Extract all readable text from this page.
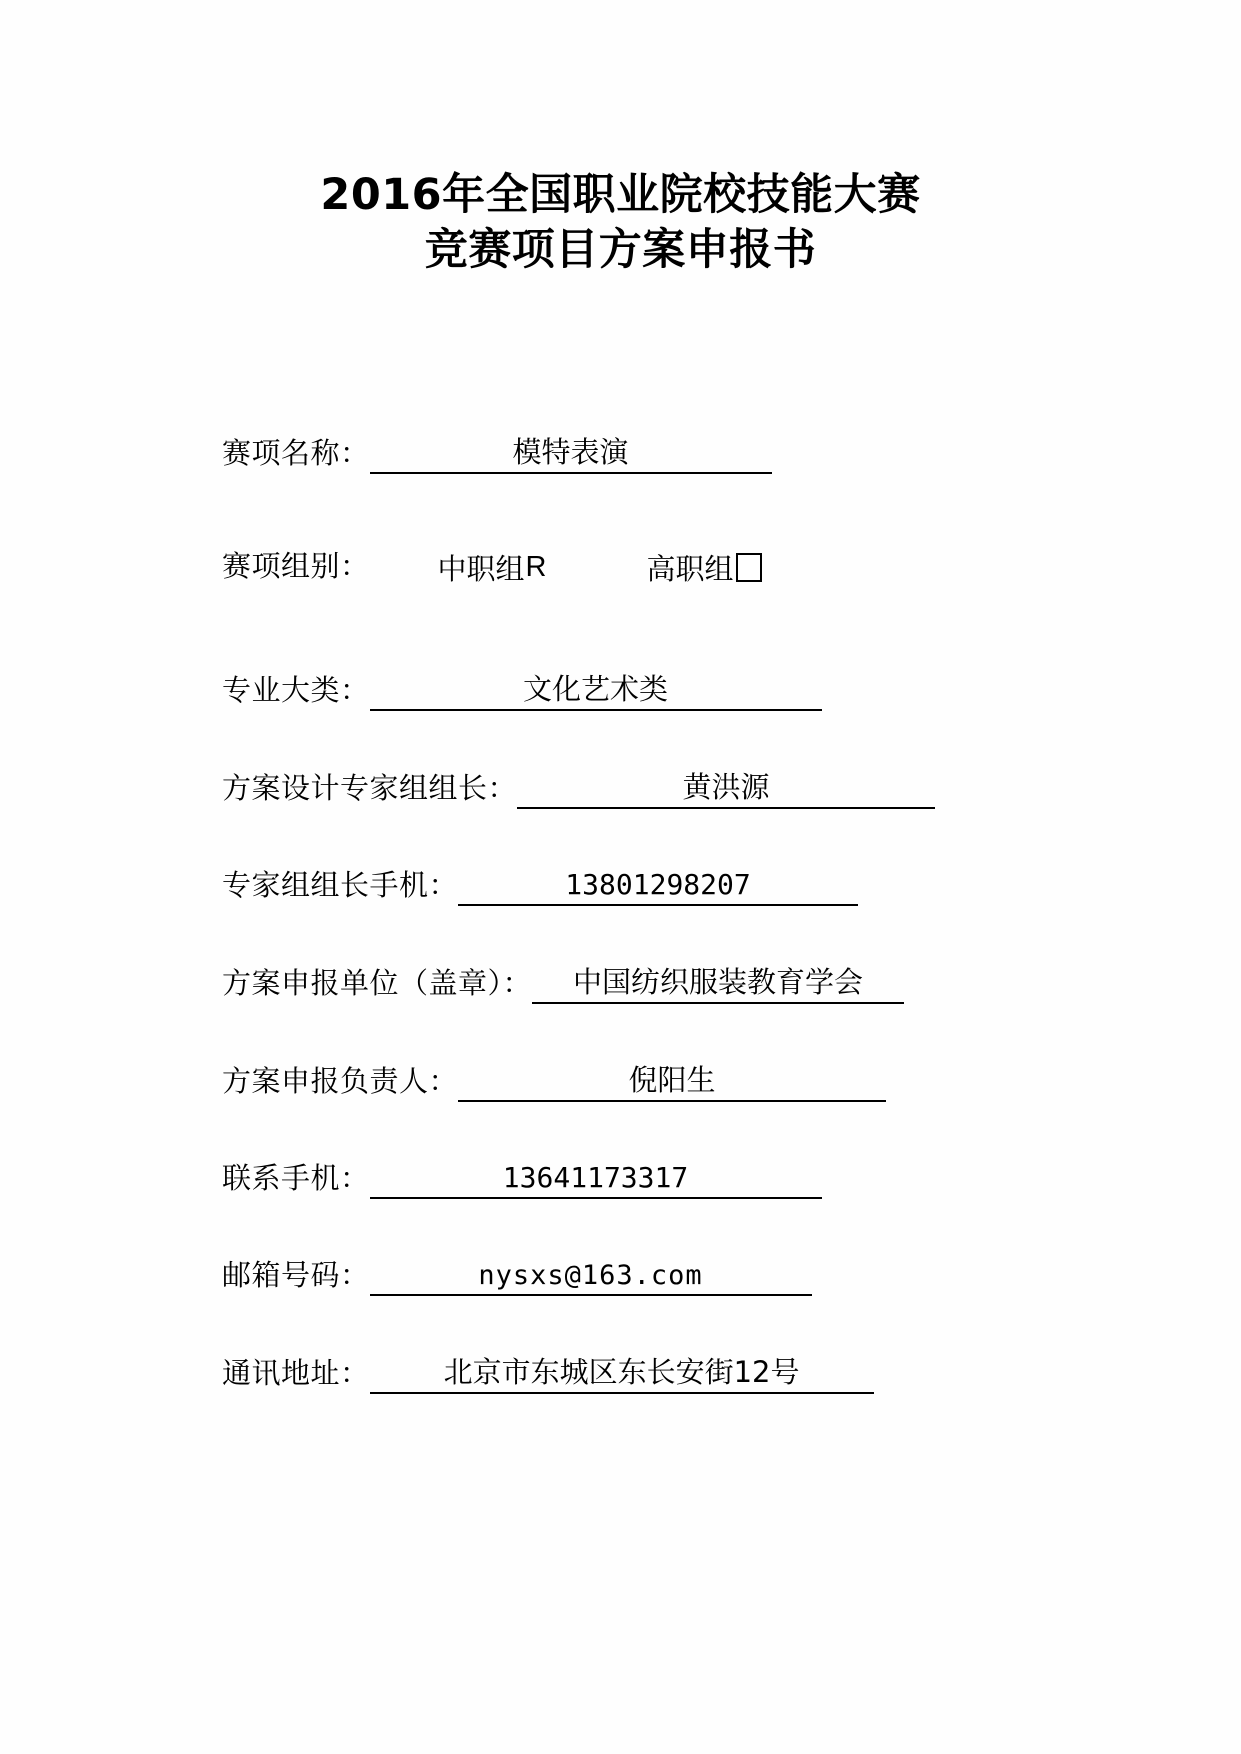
2016年全国职业院校技能大赛
竞赛项目方案申报书
赛项名称：	模特表演
赛项组别： 中职组 R	高职组
专业大类：	文化艺术类
方案设计专家组组长：	黄洪源
专家组组长手机：	13801298207
方案申报单位（盖章）：	中国纺织服装教育学会
方案申报负责人：	倪阳生
联系手机：	13641173317
邮箱号码：	nysxs@163.com
通讯地址：	北京市东城区东长安街12号
